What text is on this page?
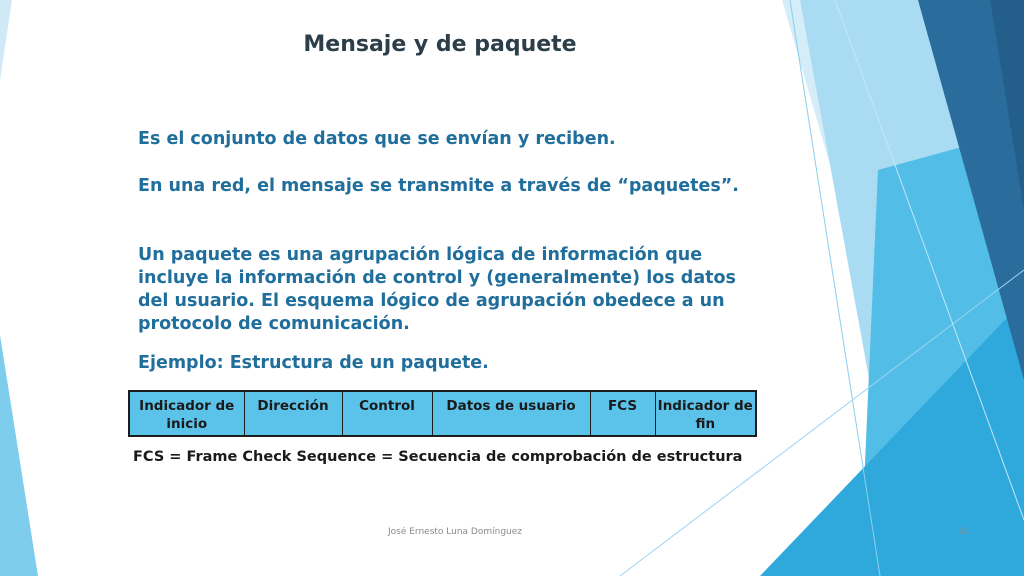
Mensaje y de paquete

Es el conjunto de datos que se envían y reciben.

En una red, el mensaje se transmite a través de “paquetes”.

Un paquete es una agrupación lógica de información que incluye la información de control y (generalmente) los datos del usuario. El esquema lógico de agrupación obedece a un protocolo de comunicación.

Ejemplo: Estructura de un paquete.

Indicador de inicio	Dirección	Control	Datos de usuario	FCS	Indicador de fin

FCS = Frame Check Sequence = Secuencia de comprobación de estructura

José Ernesto Luna Domínguez	24
